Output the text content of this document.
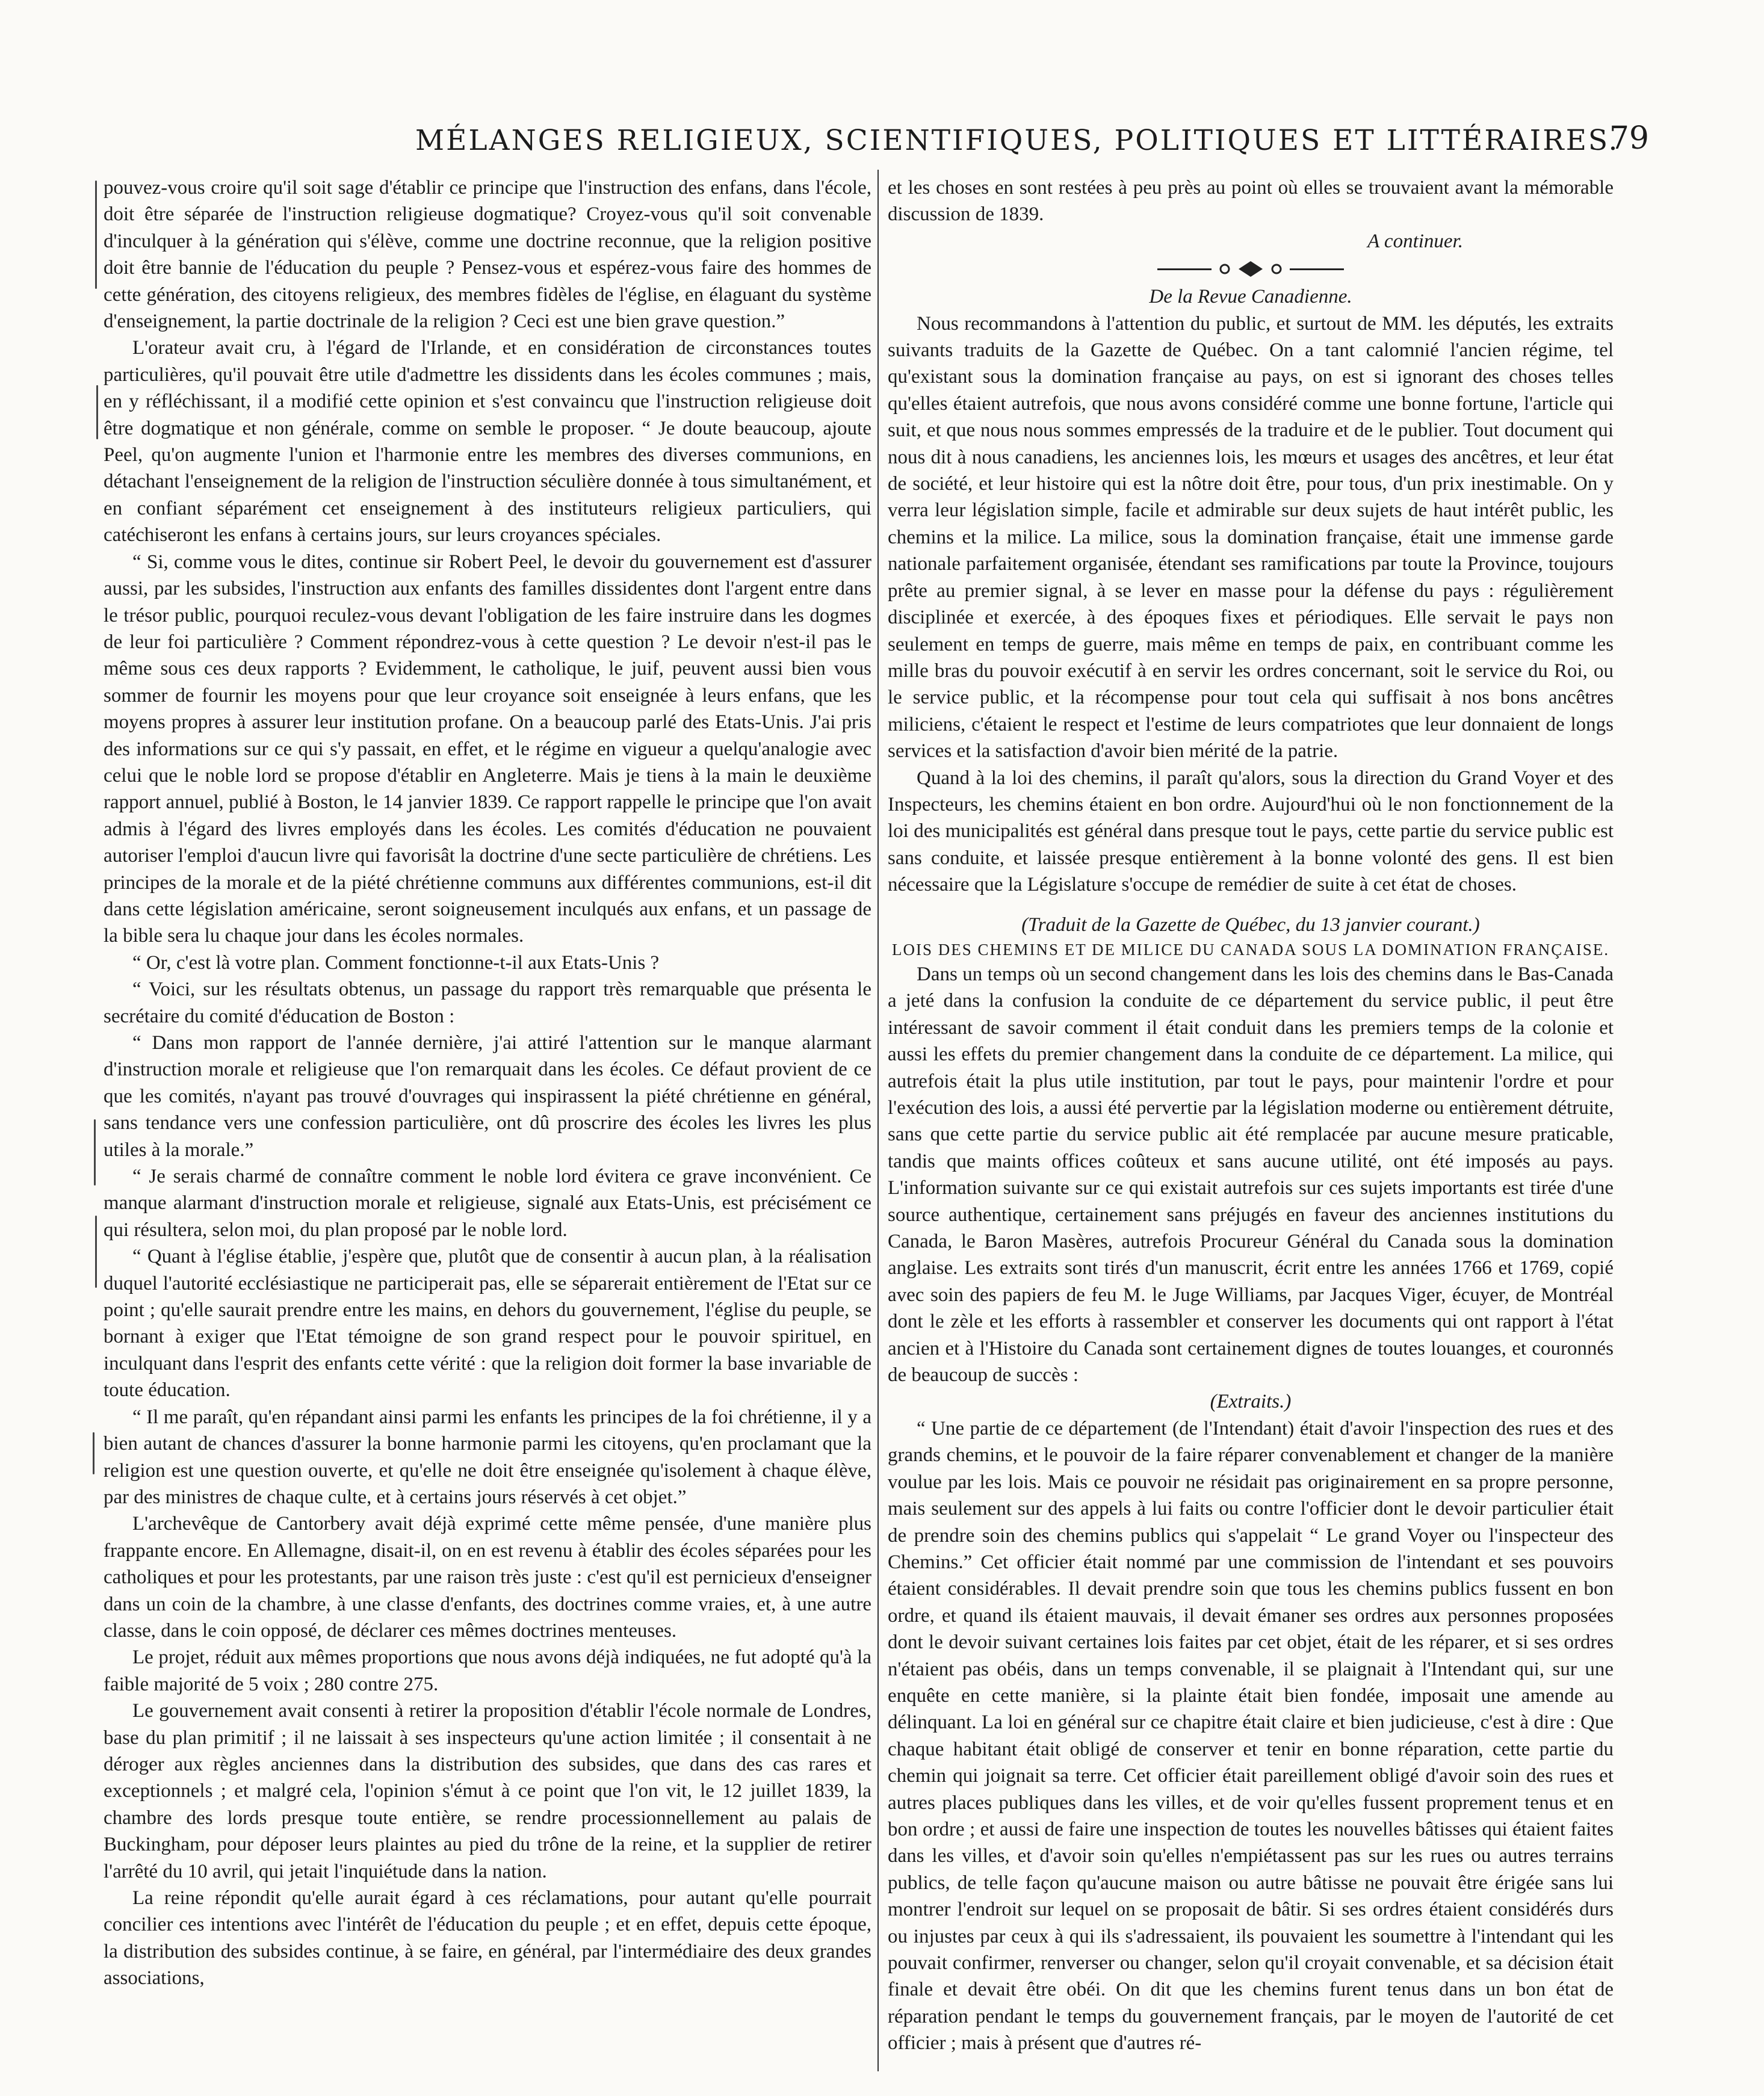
MÉLANGES RELIGIEUX, SCIENTIFIQUES, POLITIQUES ET LITTÉRAIRES.
79

pouvez-vous croire qu'il soit sage d'établir ce principe que l'instruction des enfans, dans l'école, doit être séparée de l'instruction religieuse dogmatique? Croyez-vous qu'il soit convenable d'inculquer à la génération qui s'élève, comme une doctrine reconnue, que la religion positive doit être bannie de l'éducation du peuple ? Pensez-vous et espérez-vous faire des hommes de cette génération, des citoyens religieux, des membres fidèles de l'église, en élaguant du système d'enseignement, la partie doctrinale de la religion ? Ceci est une bien grave question.”

L'orateur avait cru, à l'égard de l'Irlande, et en considération de circonstances toutes particulières, qu'il pouvait être utile d'admettre les dissidents dans les écoles communes ; mais, en y réfléchissant, il a modifié cette opinion et s'est convaincu que l'instruction religieuse doit être dogmatique et non générale, comme on semble le proposer. “ Je doute beaucoup, ajoute Peel, qu'on augmente l'union et l'harmonie entre les membres des diverses communions, en détachant l'enseignement de la religion de l'instruction séculière donnée à tous simultanément, et en confiant séparément cet enseignement à des instituteurs religieux particuliers, qui catéchiseront les enfans à certains jours, sur leurs croyances spéciales.

“ Si, comme vous le dites, continue sir Robert Peel, le devoir du gouvernement est d'assurer aussi, par les subsides, l'instruction aux enfants des familles dissidentes dont l'argent entre dans le trésor public, pourquoi reculez-vous devant l'obligation de les faire instruire dans les dogmes de leur foi particulière ? Comment répondrez-vous à cette question ? Le devoir n'est-il pas le même sous ces deux rapports ? Evidemment, le catholique, le juif, peuvent aussi bien vous sommer de fournir les moyens pour que leur croyance soit enseignée à leurs enfans, que les moyens propres à assurer leur institution profane. On a beaucoup parlé des Etats-Unis. J'ai pris des informations sur ce qui s'y passait, en effet, et le régime en vigueur a quelqu'analogie avec celui que le noble lord se propose d'établir en Angleterre. Mais je tiens à la main le deuxième rapport annuel, publié à Boston, le 14 janvier 1839. Ce rapport rappelle le principe que l'on avait admis à l'égard des livres employés dans les écoles. Les comités d'éducation ne pouvaient autoriser l'emploi d'aucun livre qui favorisât la doctrine d'une secte particulière de chrétiens. Les principes de la morale et de la piété chrétienne communs aux différentes communions, est-il dit dans cette législation américaine, seront soigneusement inculqués aux enfans, et un passage de la bible sera lu chaque jour dans les écoles normales.

“ Or, c'est là votre plan. Comment fonctionne-t-il aux Etats-Unis ?

“ Voici, sur les résultats obtenus, un passage du rapport très remarquable que présenta le secrétaire du comité d'éducation de Boston :

“ Dans mon rapport de l'année dernière, j'ai attiré l'attention sur le manque alarmant d'instruction morale et religieuse que l'on remarquait dans les écoles. Ce défaut provient de ce que les comités, n'ayant pas trouvé d'ouvrages qui inspirassent la piété chrétienne en général, sans tendance vers une confession particulière, ont dû proscrire des écoles les livres les plus utiles à la morale.”

“ Je serais charmé de connaître comment le noble lord évitera ce grave inconvénient. Ce manque alarmant d'instruction morale et religieuse, signalé aux Etats-Unis, est précisément ce qui résultera, selon moi, du plan proposé par le noble lord.

“ Quant à l'église établie, j'espère que, plutôt que de consentir à aucun plan, à la réalisation duquel l'autorité ecclésiastique ne participerait pas, elle se séparerait entièrement de l'Etat sur ce point ; qu'elle saurait prendre entre les mains, en dehors du gouvernement, l'église du peuple, se bornant à exiger que l'Etat témoigne de son grand respect pour le pouvoir spirituel, en inculquant dans l'esprit des enfants cette vérité : que la religion doit former la base invariable de toute éducation.

“ Il me paraît, qu'en répandant ainsi parmi les enfants les principes de la foi chrétienne, il y a bien autant de chances d'assurer la bonne harmonie parmi les citoyens, qu'en proclamant que la religion est une question ouverte, et qu'elle ne doit être enseignée qu'isolement à chaque élève, par des ministres de chaque culte, et à certains jours réservés à cet objet.”

L'archevêque de Cantorbery avait déjà exprimé cette même pensée, d'une manière plus frappante encore. En Allemagne, disait-il, on en est revenu à établir des écoles séparées pour les catholiques et pour les protestants, par une raison très juste : c'est qu'il est pernicieux d'enseigner dans un coin de la chambre, à une classe d'enfants, des doctrines comme vraies, et, à une autre classe, dans le coin opposé, de déclarer ces mêmes doctrines menteuses.

Le projet, réduit aux mêmes proportions que nous avons déjà indiquées, ne fut adopté qu'à la faible majorité de 5 voix ; 280 contre 275.

Le gouvernement avait consenti à retirer la proposition d'établir l'école normale de Londres, base du plan primitif ; il ne laissait à ses inspecteurs qu'une action limitée ; il consentait à ne déroger aux règles anciennes dans la distribution des subsides, que dans des cas rares et exceptionnels ; et malgré cela, l'opinion s'émut à ce point que l'on vit, le 12 juillet 1839, la chambre des lords presque toute entière, se rendre processionnellement au palais de Buckingham, pour déposer leurs plaintes au pied du trône de la reine, et la supplier de retirer l'arrêté du 10 avril, qui jetait l'inquiétude dans la nation.

La reine répondit qu'elle aurait égard à ces réclamations, pour autant qu'elle pourrait concilier ces intentions avec l'intérêt de l'éducation du peuple ; et en effet, depuis cette époque, la distribution des subsides continue, à se faire, en général, par l'intermédiaire des deux grandes associations,

et les choses en sont restées à peu près au point où elles se trouvaient avant la mémorable discussion de 1839.

A continuer.

De la Revue Canadienne.

Nous recommandons à l'attention du public, et surtout de MM. les députés, les extraits suivants traduits de la Gazette de Québec. On a tant calomnié l'ancien régime, tel qu'existant sous la domination française au pays, on est si ignorant des choses telles qu'elles étaient autrefois, que nous avons considéré comme une bonne fortune, l'article qui suit, et que nous nous sommes empressés de la traduire et de le publier. Tout document qui nous dit à nous canadiens, les anciennes lois, les mœurs et usages des ancêtres, et leur état de société, et leur histoire qui est la nôtre doit être, pour tous, d'un prix inestimable. On y verra leur législation simple, facile et admirable sur deux sujets de haut intérêt public, les chemins et la milice. La milice, sous la domination française, était une immense garde nationale parfaitement organisée, étendant ses ramifications par toute la Province, toujours prête au premier signal, à se lever en masse pour la défense du pays : régulièrement disciplinée et exercée, à des époques fixes et périodiques. Elle servait le pays non seulement en temps de guerre, mais même en temps de paix, en contribuant comme les mille bras du pouvoir exécutif à en servir les ordres concernant, soit le service du Roi, ou le service public, et la récompense pour tout cela qui suffisait à nos bons ancêtres miliciens, c'étaient le respect et l'estime de leurs compatriotes que leur donnaient de longs services et la satisfaction d'avoir bien mérité de la patrie.

Quand à la loi des chemins, il paraît qu'alors, sous la direction du Grand Voyer et des Inspecteurs, les chemins étaient en bon ordre. Aujourd'hui où le non fonctionnement de la loi des municipalités est général dans presque tout le pays, cette partie du service public est sans conduite, et laissée presque entièrement à la bonne volonté des gens. Il est bien nécessaire que la Législature s'occupe de remédier de suite à cet état de choses.

(Traduit de la Gazette de Québec, du 13 janvier courant.)

LOIS DES CHEMINS ET DE MILICE DU CANADA SOUS LA DOMINATION FRANÇAISE.

Dans un temps où un second changement dans les lois des chemins dans le Bas-Canada a jeté dans la confusion la conduite de ce département du service public, il peut être intéressant de savoir comment il était conduit dans les premiers temps de la colonie et aussi les effets du premier changement dans la conduite de ce département. La milice, qui autrefois était la plus utile institution, par tout le pays, pour maintenir l'ordre et pour l'exécution des lois, a aussi été pervertie par la législation moderne ou entièrement détruite, sans que cette partie du service public ait été remplacée par aucune mesure praticable, tandis que maints offices coûteux et sans aucune utilité, ont été imposés au pays. L'information suivante sur ce qui existait autrefois sur ces sujets importants est tirée d'une source authentique, certainement sans préjugés en faveur des anciennes institutions du Canada, le Baron Masères, autrefois Procureur Général du Canada sous la domination anglaise. Les extraits sont tirés d'un manuscrit, écrit entre les années 1766 et 1769, copié avec soin des papiers de feu M. le Juge Williams, par Jacques Viger, écuyer, de Montréal dont le zèle et les efforts à rassembler et conserver les documents qui ont rapport à l'état ancien et à l'Histoire du Canada sont certainement dignes de toutes louanges, et couronnés de beaucoup de succès :

(Extraits.)

“ Une partie de ce département (de l'Intendant) était d'avoir l'inspection des rues et des grands chemins, et le pouvoir de la faire réparer convenablement et changer de la manière voulue par les lois. Mais ce pouvoir ne résidait pas originairement en sa propre personne, mais seulement sur des appels à lui faits ou contre l'officier dont le devoir particulier était de prendre soin des chemins publics qui s'appelait “ Le grand Voyer ou l'inspecteur des Chemins.” Cet officier était nommé par une commission de l'intendant et ses pouvoirs étaient considérables. Il devait prendre soin que tous les chemins publics fussent en bon ordre, et quand ils étaient mauvais, il devait émaner ses ordres aux personnes proposées dont le devoir suivant certaines lois faites par cet objet, était de les réparer, et si ses ordres n'étaient pas obéis, dans un temps convenable, il se plaignait à l'Intendant qui, sur une enquête en cette manière, si la plainte était bien fondée, imposait une amende au délinquant. La loi en général sur ce chapitre était claire et bien judicieuse, c'est à dire : Que chaque habitant était obligé de conserver et tenir en bonne réparation, cette partie du chemin qui joignait sa terre. Cet officier était pareillement obligé d'avoir soin des rues et autres places publiques dans les villes, et de voir qu'elles fussent proprement tenus et en bon ordre ; et aussi de faire une inspection de toutes les nouvelles bâtisses qui étaient faites dans les villes, et d'avoir soin qu'elles n'empiétassent pas sur les rues ou autres terrains publics, de telle façon qu'aucune maison ou autre bâtisse ne pouvait être érigée sans lui montrer l'endroit sur lequel on se proposait de bâtir. Si ses ordres étaient considérés durs ou injustes par ceux à qui ils s'adressaient, ils pouvaient les soumettre à l'intendant qui les pouvait confirmer, renverser ou changer, selon qu'il croyait convenable, et sa décision était finale et devait être obéi. On dit que les chemins furent tenus dans un bon état de réparation pendant le temps du gouvernement français, par le moyen de l'autorité de cet officier ; mais à présent que d'autres ré-
